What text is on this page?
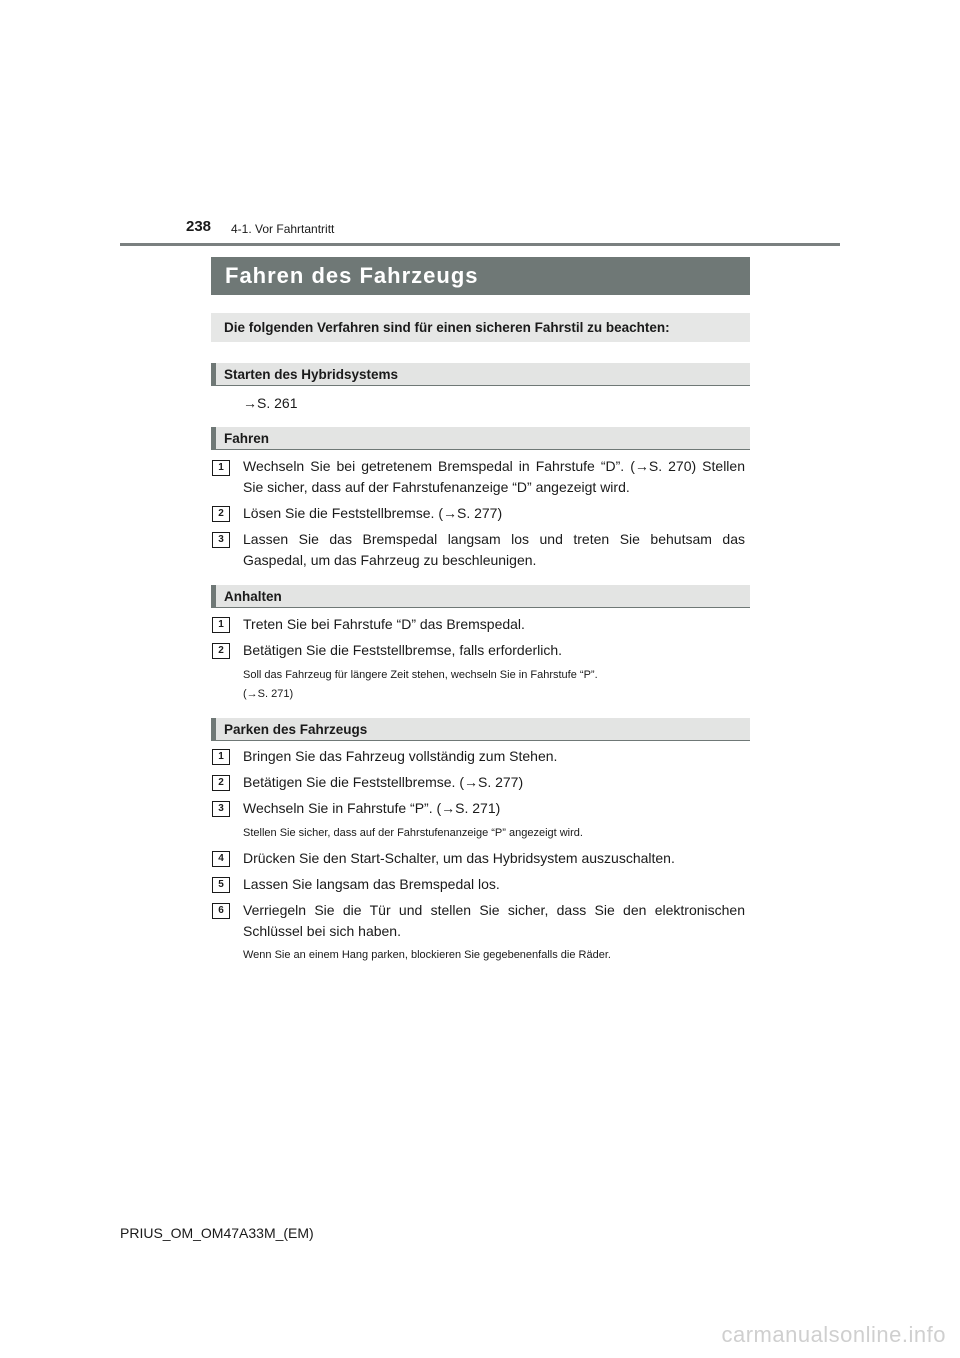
238 4-1. Vor Fahrtantritt
Fahren des Fahrzeugs
Die folgenden Verfahren sind für einen sicheren Fahrstil zu beachten:
Starten des Hybridsystems
→S. 261
Fahren
1	Wechseln Sie bei getretenem Bremspedal in Fahrstufe “D”. (→S. 270) Stellen Sie sicher, dass auf der Fahrstufenanzeige “D” angezeigt wird.
2	Lösen Sie die Feststellbremse. (→S. 277)
3	Lassen Sie das Bremspedal langsam los und treten Sie behutsam das Gaspedal, um das Fahrzeug zu beschleunigen.
Anhalten
1	Treten Sie bei Fahrstufe “D” das Bremspedal.
2	Betätigen Sie die Feststellbremse, falls erforderlich.
Soll das Fahrzeug für längere Zeit stehen, wechseln Sie in Fahrstufe “P”.
(→S. 271)
Parken des Fahrzeugs
1	Bringen Sie das Fahrzeug vollständig zum Stehen.
2	Betätigen Sie die Feststellbremse. (→S. 277)
3	Wechseln Sie in Fahrstufe “P”. (→S. 271)
Stellen Sie sicher, dass auf der Fahrstufenanzeige “P” angezeigt wird.
4	Drücken Sie den Start-Schalter, um das Hybridsystem auszuschalten.
5	Lassen Sie langsam das Bremspedal los.
6	Verriegeln Sie die Tür und stellen Sie sicher, dass Sie den elektronischen Schlüssel bei sich haben.
Wenn Sie an einem Hang parken, blockieren Sie gegebenenfalls die Räder.
PRIUS_OM_OM47A33M_(EM)
carmanualsonline.info
